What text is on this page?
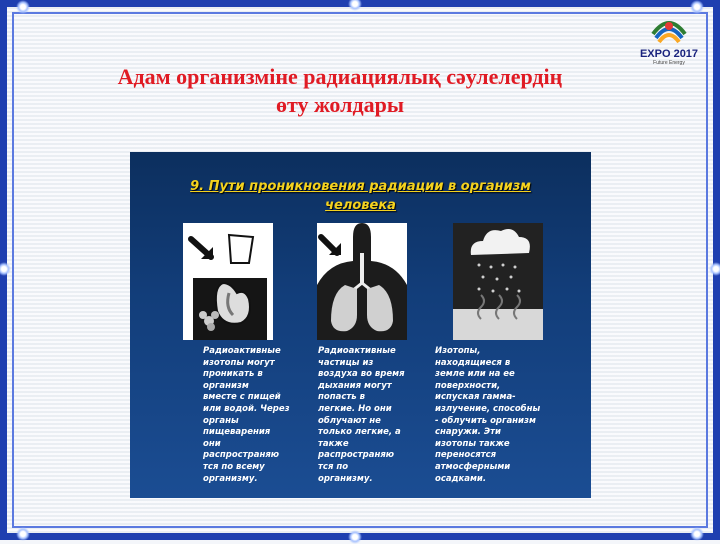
EXPO 2017
Future Energy
Адам организміне радиациялық сәулелердің
өту жолдары
9. Пути проникновения радиации в организм
человека
Радиоактивные
изотопы могут
проникать в
организм
вместе с пищей
или водой. Через
органы
пищеварения
они
распространяю
тся по всему
организму.
Радиоактивные
частицы из
воздуха во время
дыхания могут
попасть в
легкие. Но они
облучают не
только легкие, а
также
распространяю
тся по
организму.
Изотопы,
находящиеся в
земле или на ее
поверхности,
испуская гамма-
излучение, способны
- облучить организм
снаружи. Эти
изотопы также
переносятся
атмосферными
осадками.
